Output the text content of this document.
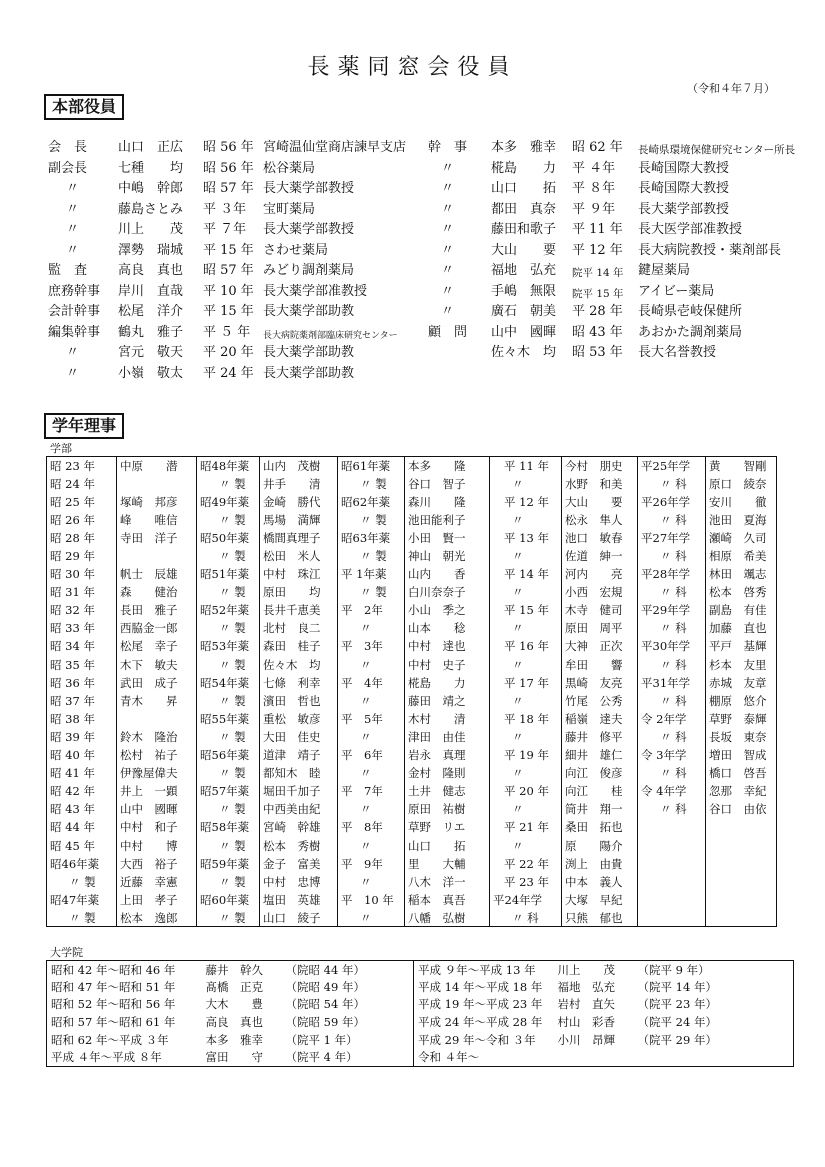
長薬同窓会役員
（令和４年７月）
本部役員
会　長 山口　正広 昭 56 年 宮崎温仙堂商店諫早支店 幹　事 本多　雅幸 昭 62 年 長崎県環境保健研究センター所長
副会長 七種　　均 昭 56 年 松谷薬局	〃	椛島　　力 平 ４年 長崎国際大教授
〃	中嶋　幹郎 昭 57 年 長大薬学部教授	〃	山口　　拓 平 ８年 長崎国際大教授
〃	藤島さとみ 平 ３年 宝町薬局	〃	都田　真奈 平 ９年 長大薬学部教授
〃	川上　　茂 平 ７年 長大薬学部教授	〃	藤田和歌子 平 11 年 長大医学部准教授
〃	澤勢　瑞城 平 15 年 さわせ薬局	〃	大山　　要 平 12 年 長大病院教授・薬剤部長
監　査 高良　真也 昭 57 年 みどり調剤薬局	〃	福地　弘充 院平 14 年 鍵屋薬局
庶務幹事 岸川　直哉 平 10 年 長大薬学部准教授	〃	手嶋　無限 院平 15 年 アイビー薬局
会計幹事 松尾　洋介 平 15 年 長大薬学部助教	〃	廣石　朝美 平 28 年 長崎県壱岐保健所
編集幹事 鶴丸　雅子 平 ５ 年 長大病院薬剤部臨床研究センター 顧　問 山中　國暉 昭 43 年 あおかた調剤薬局
〃	宮元　敬天 平 20 年 長大薬学部助教	佐々木　均 昭 53 年 長大名誉教授
〃	小嶺　敬太 平 24 年 長大薬学部助教
学年理事
学部
昭 23 年	中原　　潜	昭48年薬	山内　茂樹	昭61年薬	本多　　隆	平 11 年	今村　朋史	平25年学	黄　　智剛
昭 24 年		〃 製	井手　　清	〃 製	谷口　智子	〃	水野　和美	〃 科	原口　綾奈
昭 25 年	塚崎　邦彦	昭49年薬	金崎　勝代	昭62年薬	森川　　隆	平 12 年	大山　　要	平26年学	安川　　徹
昭 26 年	峰　　唯信	〃 製	馬場　満輝	〃 製	池田能利子	〃	松永　隼人	〃 科	池田　夏海
昭 28 年	寺田　洋子	昭50年薬	橋間真理子	昭63年薬	小田　賢一	平 13 年	池口　敏春	平27年学	瀬崎　久司
昭 29 年		〃 製	松田　米人	〃 製	神山　朝光	〃	佐道　紳一	〃 科	相原　希美
昭 30 年	帆士　辰雄	昭51年薬	中村　珠江	平 1年薬	山内　　香	平 14 年	河内　　亮	平28年学	林田　颯志
昭 31 年	森　　健治	〃 製	原田　　均	〃 製	白川奈奈子	〃	小西　宏規	〃 科	松本　啓秀
昭 32 年	長田　雅子	昭52年薬	長井千恵美	平　2年	小山　季之	平 15 年	木寺　健司	平29年学	副島　有佳
昭 33 年	西脇金一郎	〃 製	北村　良二	〃	山本　　稔	〃	原田　周平	〃 科	加藤　直也
昭 34 年	松尾　幸子	昭53年薬	森田　桂子	平　3年	中村　達也	平 16 年	大神　正次	平30年学	平戸　基輝
昭 35 年	木下　敏夫	〃 製	佐々木　均	〃	中村　史子	〃	牟田　　響	〃 科	杉本　友里
昭 36 年	武田　成子	昭54年薬	七條　利幸	平　4年	椛島　　力	平 17 年	黒崎　友亮	平31年学	赤城　友章
昭 37 年	青木　　昇	〃 製	濱田　哲也	〃	藤田　靖之	〃	竹尾　公秀	〃 科	棚原　悠介
昭 38 年		昭55年薬	重松　敏彦	平　5年	木村　　清	平 18 年	稲嶺　達夫	令 2年学	草野　泰輝
昭 39 年	鈴木　隆治	〃 製	大田　佳史	〃	津田　由佳	〃	藤井　修平	〃 科	長坂　東奈
昭 40 年	松村　祐子	昭56年薬	道津　靖子	平　6年	岩永　真理	平 19 年	細井　雄仁	令 3年学	増田　智成
昭 41 年	伊豫屋偉夫	〃 製	都知木　睦	〃	金村　隆則	〃	向江　俊彦	〃 科	橋口　啓吾
昭 42 年	井上　一顕	昭57年薬	堀田千加子	平　7年	土井　健志	平 20 年	向江　　桂	令 4年学	忽那　幸紀
昭 43 年	山中　國暉	〃 製	中西美由紀	〃	原田　祐樹	〃	筒井　翔一	〃 科	谷口　由依
昭 44 年	中村　和子	昭58年薬	宮崎　幹雄	平　8年	草野　リエ	平 21 年	桑田　拓也		
昭 45 年	中村　　博	〃 製	松本　秀樹	〃	山口　　拓	〃	原　　陽介		
昭46年薬	大西　裕子	昭59年薬	金子　富美	平　9年	里　　大輔	平 22 年	渕上　由貴		
〃 製	近藤　幸憲	〃 製	中村　忠博	〃	八木　洋一	平 23 年	中本　義人		
昭47年薬	上田　孝子	昭60年薬	塩田　英雄	平　10 年	稲本　真吾	平24年学	大塚　早紀		
〃 製	松本　逸郎	〃 製	山口　綾子	〃	八幡　弘樹	〃 科	只熊　郁也		
大学院
昭和 42 年～昭和 46 年	藤井　幹久	（院昭 44 年）	平成 ９年～平成 13 年	川上　　茂	（院平 9 年）
昭和 47 年～昭和 51 年	髙橋　正克	（院昭 49 年）	平成 14 年～平成 18 年	福地　弘充	（院平 14 年）
昭和 52 年～昭和 56 年	大木　　豊	（院昭 54 年）	平成 19 年～平成 23 年	岩村　直矢	（院平 23 年）
昭和 57 年～昭和 61 年	高良　真也	（院昭 59 年）	平成 24 年～平成 28 年	村山　彩香	（院平 24 年）
昭和 62 年～平成 ３年	本多　雅幸	（院平 1 年）	平成 29 年～令和 ３年	小川　昂輝	（院平 29 年）
平成 ４年～平成 ８年	富田　　守	（院平 4 年）	令和 ４年～		
